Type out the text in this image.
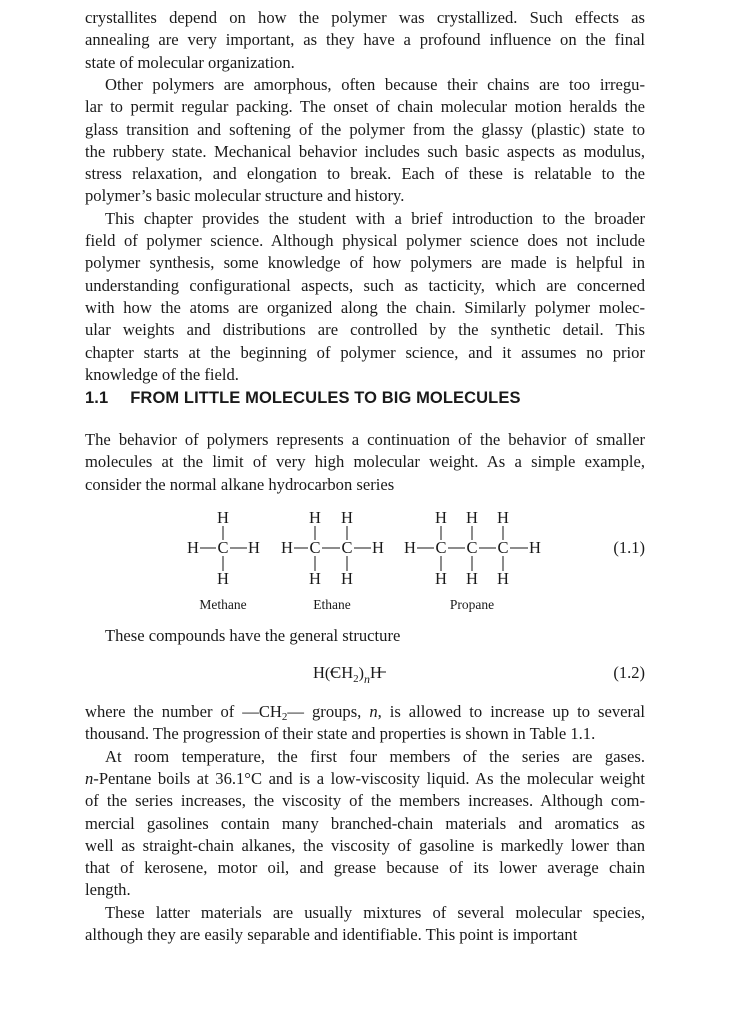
crystallites depend on how the polymer was crystallized. Such effects as
annealing are very important, as they have a profound influence on the final
state of molecular organization.
Other polymers are amorphous, often because their chains are too irregu-
lar to permit regular packing. The onset of chain molecular motion heralds the
glass transition and softening of the polymer from the glassy (plastic) state to
the rubbery state. Mechanical behavior includes such basic aspects as modulus,
stress relaxation, and elongation to break. Each of these is relatable to the
polymer’s basic molecular structure and history.
This chapter provides the student with a brief introduction to the broader
field of polymer science. Although physical polymer science does not include
polymer synthesis, some knowledge of how polymers are made is helpful in
understanding configurational aspects, such as tacticity, which are concerned
with how the atoms are organized along the chain. Similarly polymer molec-
ular weights and distributions are controlled by the synthetic detail. This
chapter starts at the beginning of polymer science, and it assumes no prior
knowledge of the field.
The behavior of polymers represents a continuation of the behavior of smaller
molecules at the limit of very high molecular weight. As a simple example,
consider the normal alkane hydrocarbon series
These compounds have the general structure
where the number of $—CH_2—$ groups, n, is allowed to increase up to several
thousand. The progression of their state and properties is shown in Table 1.1.
At room temperature, the first four members of the series are gases.
n-Pentane boils at 36.1°C and is a low-viscosity liquid. As the molecular weight
of the series increases, the viscosity of the members increases. Although com-
mercial gasolines contain many branched-chain materials and aromatics as
well as straight-chain alkanes, the viscosity of gasoline is markedly lower than
that of kerosene, motor oil, and grease because of its lower average chain
length.
These latter materials are usually mixtures of several molecular species,
although they are easily separable and identifiable. This point is important
1.1 FROM LITTLE MOLECULES TO BIG MOLECULES
H C
H
H
H H C
H
H
C
H
H
H H C
H
H
C
H
H
C
H
H
H
Methane	Ethane	Propane
(1.1)
$H(CH_2)_nH$	(1.2)
